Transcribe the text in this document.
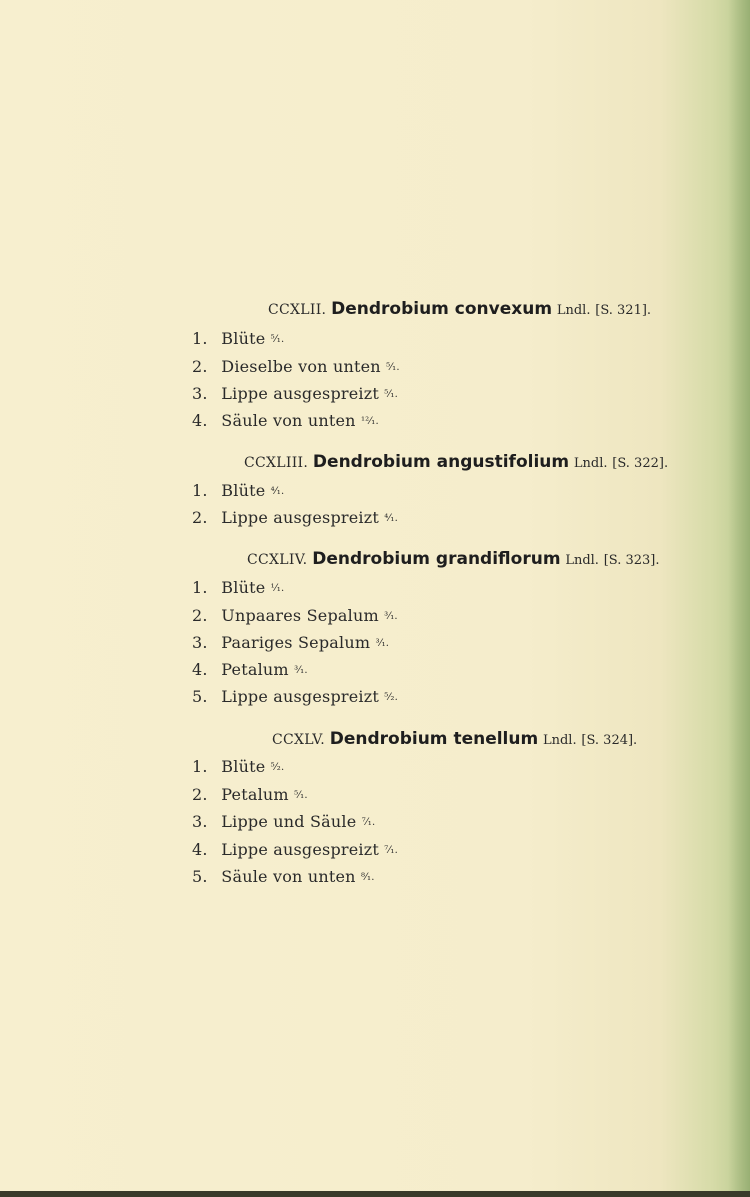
CCXLII. Dendrobium convexum Lndl. [S. 321].
1. Blüte ⁵⁄₁.
2. Dieselbe von unten ⁵⁄₁.
3. Lippe ausgespreizt ⁵⁄₁.
4. Säule von unten ¹²⁄₁.
CCXLIII. Dendrobium angustifolium Lndl. [S. 322].
1. Blüte ⁴⁄₁.
2. Lippe ausgespreizt ⁴⁄₁.
CCXLIV. Dendrobium grandiflorum Lndl. [S. 323].
1. Blüte ¹⁄₁.
2. Unpaares Sepalum ³⁄₁.
3. Paariges Sepalum ³⁄₁.
4. Petalum ³⁄₁.
5. Lippe ausgespreizt ⁵⁄₂.
CCXLV. Dendrobium tenellum Lndl. [S. 324].
1. Blüte ⁵⁄₂.
2. Petalum ⁵⁄₁.
3. Lippe und Säule ⁷⁄₁.
4. Lippe ausgespreizt ⁷⁄₁.
5. Säule von unten ⁸⁄₁.
